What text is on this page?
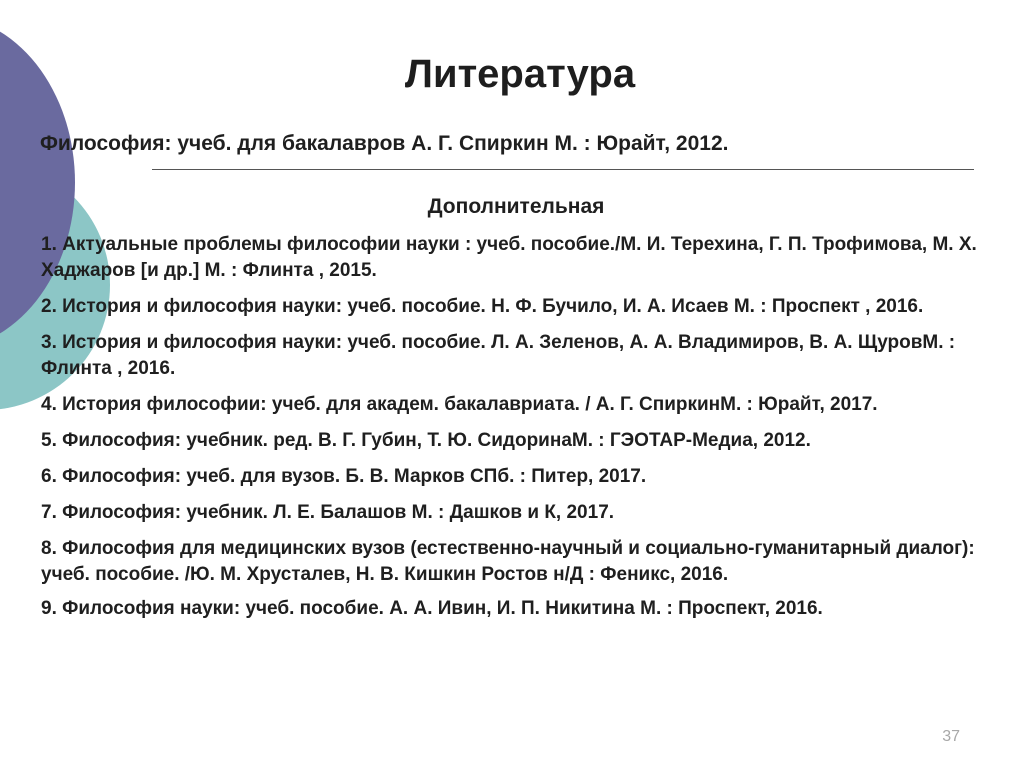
Литература

Философия: учеб. для бакалавров А. Г. Спиркин М. : Юрайт, 2012.

Дополнительная
1. Актуальные проблемы философии науки : учеб. пособие./М. И. Терехина, Г. П. Трофимова, М. Х. Хаджаров [и др.] М. : Флинта , 2015.
2. История и философия науки: учеб. пособие. Н. Ф. Бучило, И. А. Исаев М. : Проспект , 2016.
3. История и философия науки: учеб. пособие. Л. А. Зеленов, А. А. Владимиров, В. А. ЩуровМ. : Флинта , 2016.
4. История философии: учеб. для академ. бакалавриата. / А. Г. СпиркинМ. : Юрайт, 2017.
5. Философия: учебник. ред. В. Г. Губин, Т. Ю. СидоринаМ. : ГЭОТАР-Медиа, 2012.
6. Философия: учеб. для вузов. Б. В. Марков СПб. : Питер, 2017.
7. Философия: учебник. Л. Е. Балашов М. : Дашков и К, 2017.
8. Философия для медицинских вузов (естественно-научный и социально-гуманитарный диалог): учеб. пособие. /Ю. М. Хрусталев, Н. В. Кишкин Ростов н/Д : Феникс, 2016.
9. Философия науки: учеб. пособие. А. А. Ивин, И. П. Никитина М. : Проспект, 2016.
37
